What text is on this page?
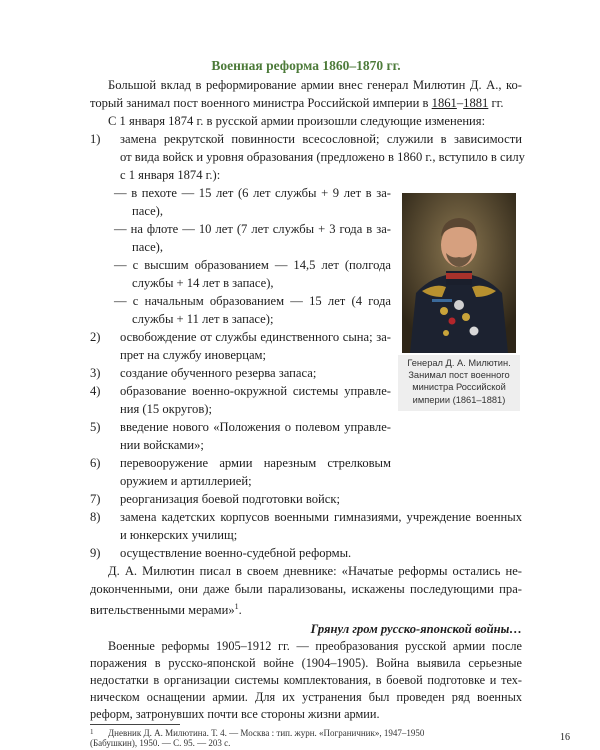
Военная реформа 1860–1870 гг.
Большой вклад в реформирование армии внес генерал Милютин Д. А., ко-
торый занимал пост военного министра Российской империи в 1861–1881 гг.
С 1 января 1874 г. в русской армии произошли следующие изменения:
1) замена рекрутской повинности всесословной; служили в зависимости
от вида войск и уровня образования (предложено в 1860 г., вступило в силу
с 1 января 1874 г.):
— в пехоте — 15 лет (6 лет службы + 9 лет в за-
пасе),
— на флоте — 10 лет (7 лет службы + 3 года в за-
пасе),
— с высшим образованием — 14,5 лет (полгода
службы + 14 лет в запасе),
— с начальным образованием — 15 лет (4 года
службы + 11 лет в запасе);
2) освобождение от службы единственного сына; за-
прет на службу иноверцам;
3) создание обученного резерва запаса;
4) образование военно-окружной системы управле-
ния (15 округов);
5) введение нового «Положения о полевом управле-
нии войсками»;
6) перевооружение армии нарезным стрелковым
оружием и артиллерией;
7) реорганизация боевой подготовки войск;
8) замена кадетских корпусов военными гимназиями, учреждение военных
и юнкерских училищ;
9) осуществление военно-судебной реформы.
Д. А. Милютин писал в своем дневнике: «Начатые реформы остались не-
доконченными, они даже были парализованы, искажены последующими пра-
вительственными мерами»$^1$.
Грянул гром русско-японской войны…
Военные реформы 1905–1912 гг. — преобразования русской армии после
поражения в русско-японской войне (1904–1905). Война выявила серьезные
недостатки в организации системы комплектования, в боевой подготовке и тех-
ническом оснащении армии. Для их устранения был проведен ряд военных
реформ, затронувших почти все стороны жизни армии.
Генерал Д. А. Милютин.
Занимал пост военного
министра Российской
империи (1861–1881)
$^1$ Дневник Д. А. Милютина. Т. 4. — Москва : тип. журн. «Пограничник», 1947–1950
(Бабушкин), 1950. — С. 95. — 203 с.	16
